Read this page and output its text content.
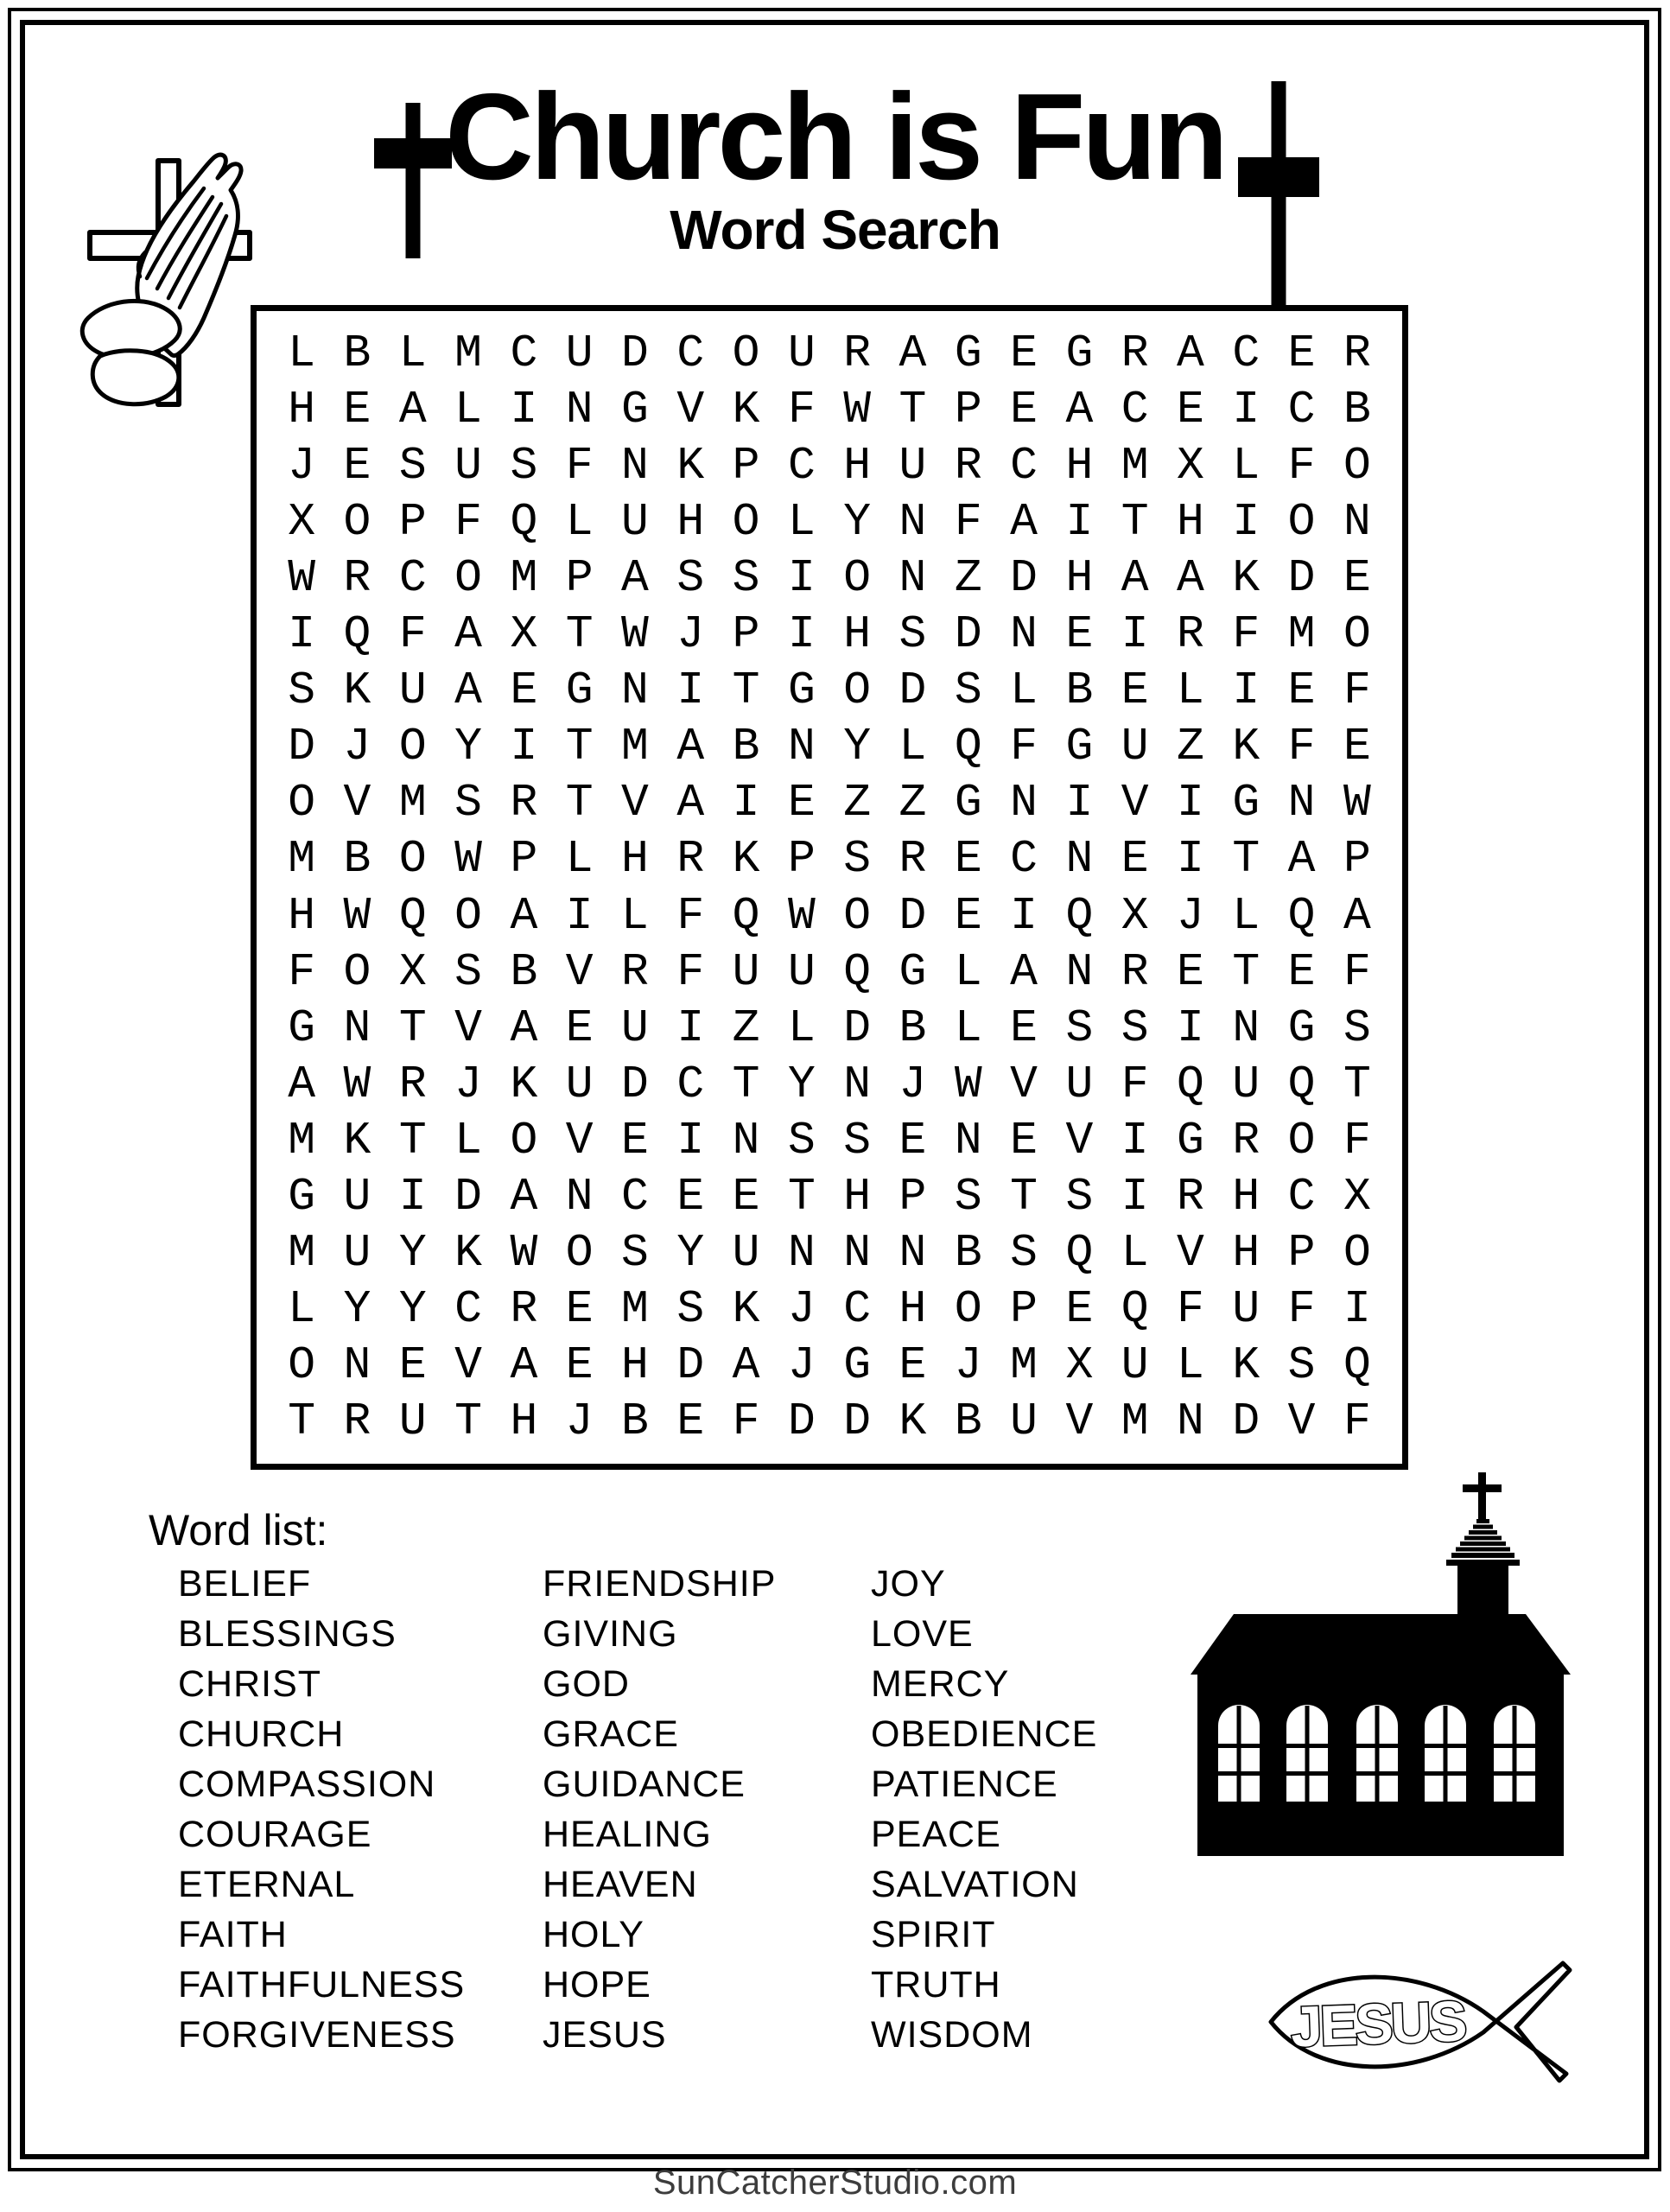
Church is Fun
Word Search
L B L M C U D C O U R A G E G R A C E R
H E A L I N G V K F W T P E A C E I C B
J E S U S F N K P C H U R C H M X L F O
X O P F Q L U H O L Y N F A I T H I O N
W R C O M P A S S I O N Z D H A A K D E
I Q F A X T W J P I H S D N E I R F M O
S K U A E G N I T G O D S L B E L I E F
D J O Y I T M A B N Y L Q F G U Z K F E
O V M S R T V A I E Z Z G N I V I G N W
M B O W P L H R K P S R E C N E I T A P
H W Q O A I L F Q W O D E I Q X J L Q A
F O X S B V R F U U Q G L A N R E T E F
G N T V A E U I Z L D B L E S S I N G S
A W R J K U D C T Y N J W V U F Q U Q T
M K T L O V E I N S S E N E V I G R O F
G U I D A N C E E T H P S T S I R H C X
M U Y K W O S Y U N N N B S Q L V H P O
L Y Y C R E M S K J C H O P E Q F U F I
O N E V A E H D A J G E J M X U L K S Q
T R U T H J B E F D D K B U V M N D V F
Word list:
BELIEF
BLESSINGS
CHRIST
CHURCH
COMPASSION
COURAGE
ETERNAL
FAITH
FAITHFULNESS
FORGIVENESS
FRIENDSHIP
GIVING
GOD
GRACE
GUIDANCE
HEALING
HEAVEN
HOLY
HOPE
JESUS
JOY
LOVE
MERCY
OBEDIENCE
PATIENCE
PEACE
SALVATION
SPIRIT
TRUTH
WISDOM	JESUS
SunCatcherStudio.com
